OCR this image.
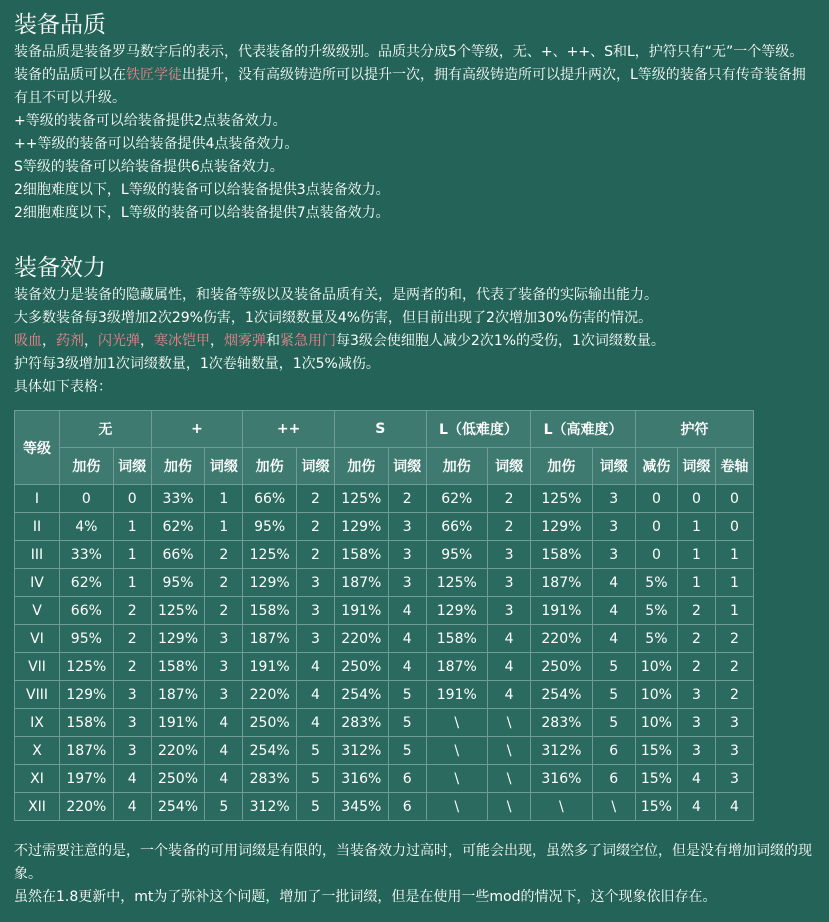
装备品质

装备品质是装备罗马数字后的表示，代表装备的升级级别。品质共分成5个等级，无、+、++、S和L，护符只有“无”一个等级。

装备的品质可以在铁匠学徒出提升，没有高级铸造所可以提升一次，拥有高级铸造所可以提升两次，L等级的装备只有传奇装备拥有且不可以升级。

+等级的装备可以给装备提供2点装备效力。

++等级的装备可以给装备提供4点装备效力。

S等级的装备可以给装备提供6点装备效力。

2细胞难度以下，L等级的装备可以给装备提供3点装备效力。

2细胞难度以下，L等级的装备可以给装备提供7点装备效力。

装备效力

装备效力是装备的隐藏属性，和装备等级以及装备品质有关，是两者的和，代表了装备的实际输出能力。

大多数装备每3级增加2次29%伤害，1次词缀数量及4%伤害，但目前出现了2次增加30%伤害的情况。

吸血，药剂，闪光弹，寒冰铠甲，烟雾弹和紧急用门每3级会使细胞人减少2次1%的受伤，1次词缀数量。

护符每3级增加1次词缀数量，1次卷轴数量，1次5%减伤。

具体如下表格：

等级	无		+		++		S		L（低难度）		L（高难度）		护符		
	加伤	词缀	加伤	词缀	加伤	词缀	加伤	词缀	加伤	词缀	加伤	词缀	减伤	词缀	卷轴
I	0	0	33%	1	66%	2	125%	2	62%	2	125%	3	0	0	0
II	4%	1	62%	1	95%	2	129%	3	66%	2	129%	3	0	1	0
III	33%	1	66%	2	125%	2	158%	3	95%	3	158%	3	0	1	1
IV	62%	1	95%	2	129%	3	187%	3	125%	3	187%	4	5%	1	1
V	66%	2	125%	2	158%	3	191%	4	129%	3	191%	4	5%	2	1
VI	95%	2	129%	3	187%	3	220%	4	158%	4	220%	4	5%	2	2
VII	125%	2	158%	3	191%	4	250%	4	187%	4	250%	5	10%	2	2
VIII	129%	3	187%	3	220%	4	254%	5	191%	4	254%	5	10%	3	2
IX	158%	3	191%	4	250%	4	283%	5	\	\	283%	5	10%	3	3
X	187%	3	220%	4	254%	5	312%	5	\	\	312%	6	15%	3	3
XI	197%	4	250%	4	283%	5	316%	6	\	\	316%	6	15%	4	3
XII	220%	4	254%	5	312%	5	345%	6	\	\	\	\	15%	4	4

不过需要注意的是，一个装备的可用词缀是有限的，当装备效力过高时，可能会出现，虽然多了词缀空位，但是没有增加词缀的现象。

虽然在1.8更新中，mt为了弥补这个问题，增加了一批词缀，但是在使用一些mod的情况下，这个现象依旧存在。
